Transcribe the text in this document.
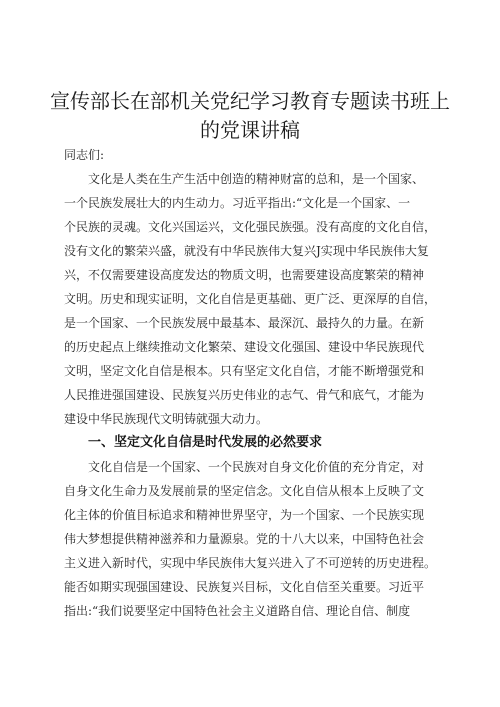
宣传部长在部机关党纪学习教育专题读书班上
的党课讲稿

同志们:

文化是人类在生产生活中创造的精神财富的总和，是一个国家、

一个民族发展壮大的内生动力。习近平指出:“文化是一个国家、一

个民族的灵魂。文化兴国运兴，文化强民族强。没有高度的文化自信，

没有文化的繁荣兴盛，就没有中华民族伟大复兴J实现中华民族伟大复

兴，不仅需要建设高度发达的物质文明，也需要建设高度繁荣的精神

文明。历史和现实证明，文化自信是更基础、更广泛、更深厚的自信，

是一个国家、一个民族发展中最基本、最深沉、最持久的力量。在新

的历史起点上继续推动文化繁荣、建设文化强国、建设中华民族现代

文明，坚定文化自信是根本。只有坚定文化自信，才能不断增强党和

人民推进强国建设、民族复兴历史伟业的志气、骨气和底气，才能为

建设中华民族现代文明铸就强大动力。

一、坚定文化自信是时代发展的必然要求

文化自信是一个国家、一个民族对自身文化价值的充分肯定，对

自身文化生命力及发展前景的坚定信念。文化自信从根本上反映了文

化主体的价值目标追求和精神世界坚守，为一个国家、一个民族实现

伟大梦想提供精神滋养和力量源泉。党的十八大以来，中国特色社会

主义进入新时代，实现中华民族伟大复兴进入了不可逆转的历史进程。

能否如期实现强国建设、民族复兴目标，文化自信至关重要。习近平

指出:“我们说要坚定中国特色社会主义道路自信、理论自信、制度
